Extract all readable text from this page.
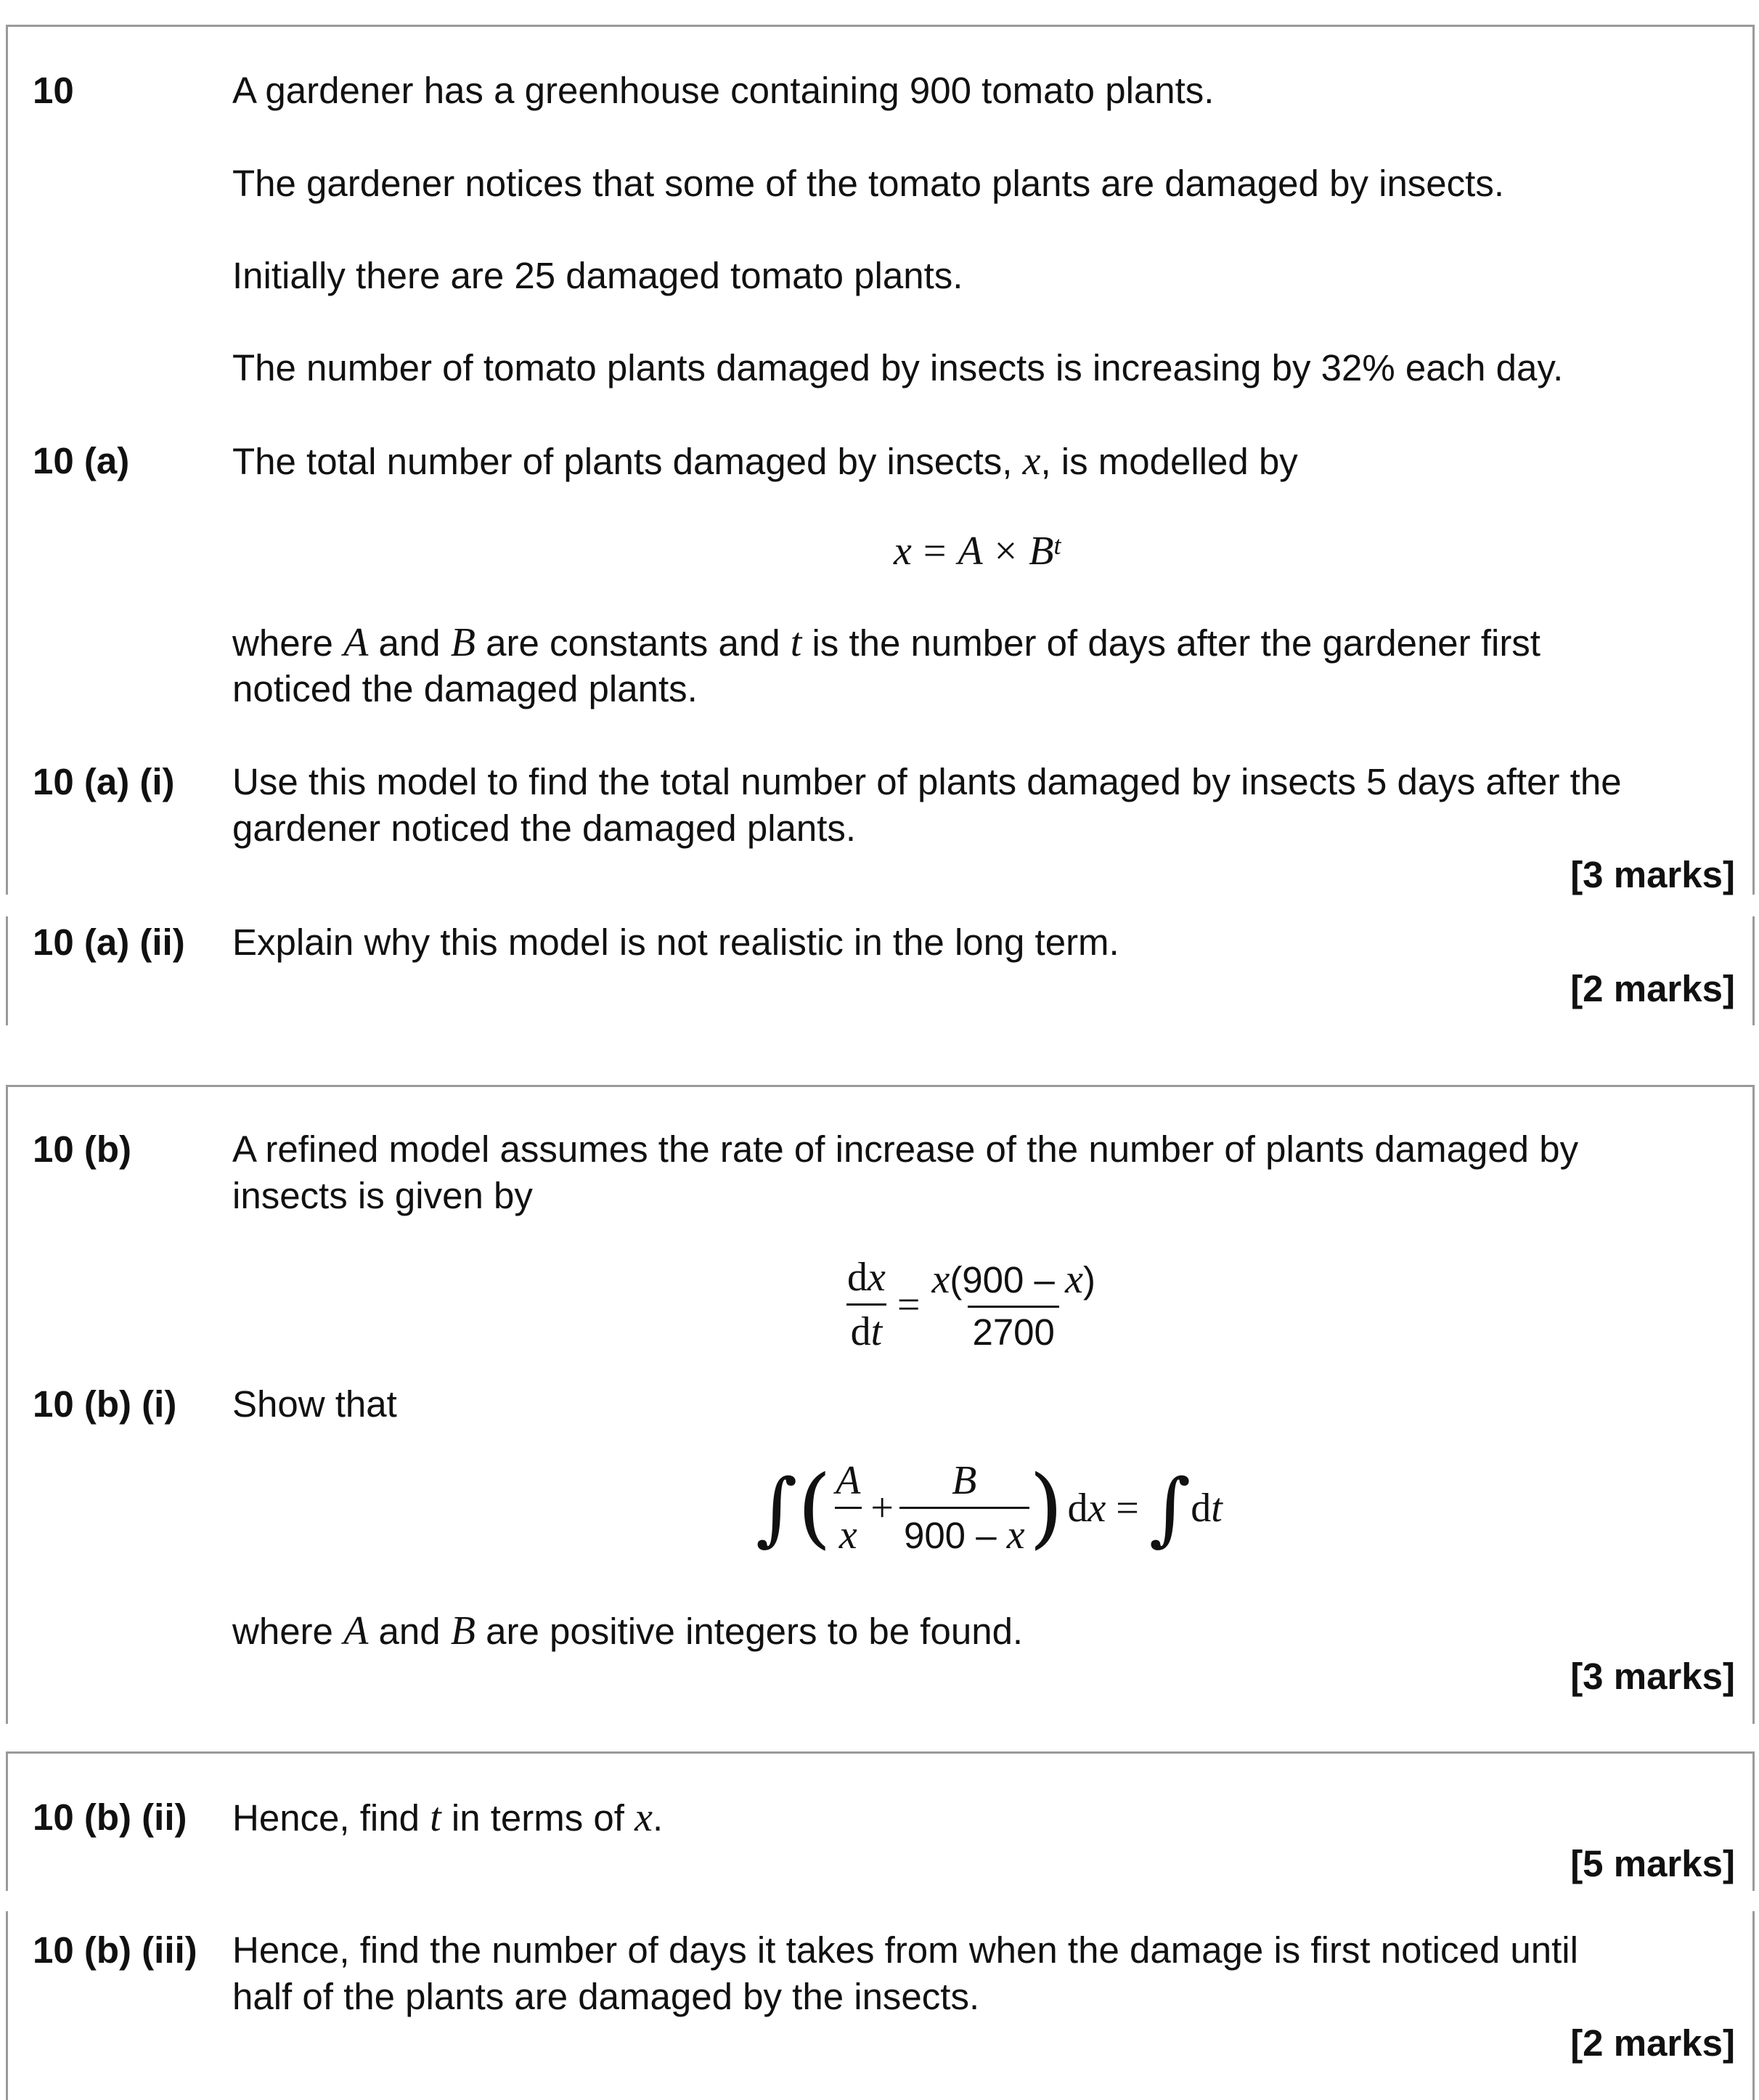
10	A gardener has a greenhouse containing 900 tomato plants.
The gardener notices that some of the tomato plants are damaged by insects.
Initially there are 25 damaged tomato plants.
The number of tomato plants damaged by insects is increasing by 32% each day.
10 (a)	The total number of plants damaged by insects, x, is modelled by
$x = A \times B^t$
where A and B are constants and t is the number of days after the gardener first
noticed the damaged plants.
10 (a) (i) Use this model to find the total number of plants damaged by insects 5 days after the
gardener noticed the damaged plants.
[3 marks]
10 (a) (ii) Explain why this model is not realistic in the long term.
[2 marks]
10 (b)	A refined model assumes the rate of increase of the number of plants damaged by
insects is given by
$\frac{dx}{dt} = \frac{x(900 - x)}{2700}$
10 (b) (i) Show that
∫ ( $\frac{A}{x} + \frac{B}{900 - x}$ ) d x = ∫ d t
where A and B are positive integers to be found.
[3 marks]
10 (b) (ii) Hence, find t in terms of x.
[5 marks]
10 (b) (iii) Hence, find the number of days it takes from when the damage is first noticed until
half of the plants are damaged by the insects.
[2 marks]
